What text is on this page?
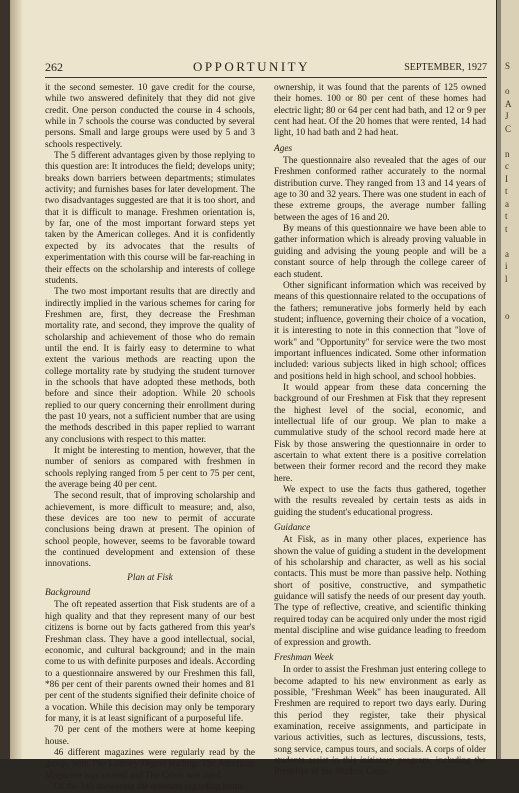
262	OPPORTUNITY	SEPTEMBER, 1927

it the second semester. 10 gave credit for the course, while two answered definitely that they did not give credit. One person conducted the course in 4 schools, while in 7 schools the course was conducted by several persons. Small and large groups were used by 5 and 3 schools respectively.

The 5 different advantages given by those replying to this question are: It introduces the field; develops unity; breaks down barriers between departments; stimulates activity; and furnishes bases for later development. The two disadvantages suggested are that it is too short, and that it is difficult to manage. Freshmen orientation is, by far, one of the most important forward steps yet taken by the American colleges. And it is confidently expected by its advocates that the results of experimentation with this course will be far-reaching in their effects on the scholarship and interests of college students.

The two most important results that are directly and indirectly implied in the various schemes for caring for Freshmen are, first, they decrease the Freshman mortality rate, and second, they improve the quality of scholarship and achievement of those who do remain until the end. It is fairly easy to determine to what extent the various methods are reacting upon the college mortality rate by studying the student turnover in the schools that have adopted these methods, both before and since their adoption. While 20 schools replied to our query concerning their enrollment during the past 10 years, not a sufficient number that are using the methods described in this paper replied to warrant any conclusions with respect to this matter.

It might be interesting to mention, however, that the number of seniors as compared with freshmen in schools replying ranged from 5 per cent to 75 per cent, the average being 40 per cent.

The second result, that of improving scholarship and achievement, is more difficult to measure; and, also, these devices are too new to permit of accurate conclusions being drawn at present. The opinion of school people, however, seems to be favorable toward the continued development and extension of these innovations.

Plan at Fisk

Background

The oft repeated assertion that Fisk students are of a high quality and that they represent many of our best citizens is borne out by facts gathered from this year's Freshman class. They have a good intellectual, social, economic, and cultural background; and in the main come to us with definite purposes and ideals. According to a questionnaire answered by our Freshmen this fall, *86 per cent of their parents owned their homes and 81 per cent of the students signified their definite choice of a vocation. While this decision may only be temporary for many, it is at least significant of a purposeful life.

70 per cent of the mothers were at home keeping house.

46 different magazines were regularly read by the group, with The Literary Digest leading. The American Magazine was second and The Crisis was third.

Of the 145 answering the question regarding home

ownership, it was found that the parents of 125 owned their homes. 100 or 80 per cent of these homes had electric light; 80 or 64 per cent had bath, and 12 or 9 per cent had heat. Of the 20 homes that were rented, 14 had light, 10 had bath and 2 had heat.

Ages

The questionnaire also revealed that the ages of our Freshmen conformed rather accurately to the normal distribution curve. They ranged from 13 and 14 years of age to 30 and 32 years. There was one student in each of these extreme groups, the average number falling between the ages of 16 and 20.

By means of this questionnaire we have been able to gather information which is already proving valuable in guiding and advising the young people and will be a constant source of help through the college career of each student.

Other significant information which was received by means of this questionnaire related to the occupations of the fathers; remunerative jobs formerly held by each student; influence, governing their choice of a vocation, it is interesting to note in this connection that "love of work" and "Opportunity" for service were the two most important influences indicated. Some other information included: various subjects liked in high school; offices and positions held in high school, and school hobbies.

It would appear from these data concerning the background of our Freshmen at Fisk that they represent the highest level of the social, economic, and intellectual life of our group. We plan to make a cummulative study of the school record made here at Fisk by those answering the questionnaire in order to ascertain to what extent there is a positive correlation between their former record and the record they make here.

We expect to use the facts thus gathered, together with the results revealed by certain tests as aids in guiding the student's educational progress.

Guidance

At Fisk, as in many other places, experience has shown the value of guiding a student in the development of his scholarship and character, as well as his social contacts. This must be more than passive help. Nothing short of positive, constructive, and sympathetic guidance will satisfy the needs of our present day youth. The type of reflective, creative, and scientific thinking required today can be acquired only under the most rigid mental discipline and wise guidance leading to freedom of expression and growth.

Freshman Week

In order to assist the Freshman just entering college to become adapted to his new environment as early as possible, "Freshman Week" has been inaugurated. All Freshmen are required to report two days early. During this period they register, take their physical examination, receive assignments, and participate in various activities, such as lectures, discussions, tests, song service, campus tours, and socials. A corps of older students assist in this initiatory program, including the President of the Student Coun-

S
o
A
J
C
n
c
I
t
a
t
t
a
i
l
o
